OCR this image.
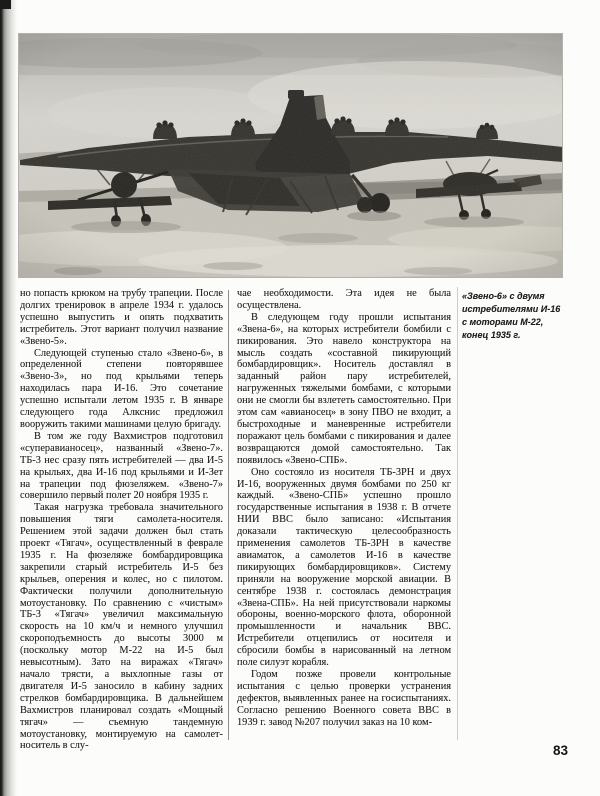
но попасть крюком на трубу трапеции. После долгих тренировок в апреле 1934 г. удалось успешно выпустить и опять подхватить истребитель. Этот вариант получил название «Звено-5».

Следующей ступенью стало «Звено-6», в определенной степени повторявшее «Звено-3», но под крыльями теперь находилась пара И-16. Это сочетание успешно испытали летом 1935 г. В январе следующего года Алкснис предложил вооружить такими машинами целую бригаду.

В том же году Вахмистров подготовил «суперавианосец», названный «Звено-7». ТБ-3 нес сразу пять истребителей — два И-5 на крыльях, два И-16 под крыльями и И-Зет на трапеции под фюзеляжем. «Звено-7» совершило первый полет 20 ноября 1935 г.

Такая нагрузка требовала значительного повышения тяги самолета-носителя. Решением этой задачи должен был стать проект «Тягач», осуществленный в феврале 1935 г. На фюзеляже бомбардировщика закрепили старый истребитель И-5 без крыльев, оперения и колес, но с пилотом. Фактически получили дополнительную мотоустановку. По сравнению с «чистым» ТБ-3 «Тягач» увеличил максимальную скорость на 10 км/ч и немного улучшил скороподъемность до высоты 3000 м (поскольку мотор М-22 на И-5 был невысотным). Зато на виражах «Тягач» начало трясти, а выхлопные газы от двигателя И-5 заносило в кабину задних стрелков бомбардировщика. В дальнейшем Вахмистров планировал создать «Мощный тягач» — съемную тандемную мотоустановку, монтируемую на самолет-носитель в слу-

чае необходимости. Эта идея не была осуществлена.

В следующем году прошли испытания «Звена-6», на которых истребители бомбили с пикирования. Это навело конструктора на мысль создать «составной пикирующий бомбардировщик». Носитель доставлял в заданный район пару истребителей, нагруженных тяжелыми бомбами, с которыми они не смогли бы взлететь самостоятельно. При этом сам «авианосец» в зону ПВО не входит, а быстроходные и маневренные истребители поражают цель бомбами с пикирования и далее возвращаются домой самостоятельно. Так появилось «Звено-СПБ».

Оно состояло из носителя ТБ-3РН и двух И-16, вооруженных двумя бомбами по 250 кг каждый. «Звено-СПБ» успешно прошло государственные испытания в 1938 г. В отчете НИИ ВВС было записано: «Испытания доказали тактическую целесообразность применения самолетов ТБ-3РН в качестве авиаматок, а самолетов И-16 в качестве пикирующих бомбардировщиков». Систему приняли на вооружение морской авиации. В сентябре 1938 г. состоялась демонстрация «Звена-СПБ». На ней присутствовали наркомы обороны, военно-морского флота, оборонной промышленности и начальник ВВС. Истребители отцепились от носителя и сбросили бомбы в нарисованный на летном поле силуэт корабля.

Годом позже провели контрольные испытания с целью проверки устранения дефектов, выявленных ранее на госиспытаниях. Согласно решению Военного совета ВВС в 1939 г. завод №207 получил заказ на 10 ком-

«Звено-6» с двумя
истребителями И-16
с моторами М-22,
конец 1935 г.
83
